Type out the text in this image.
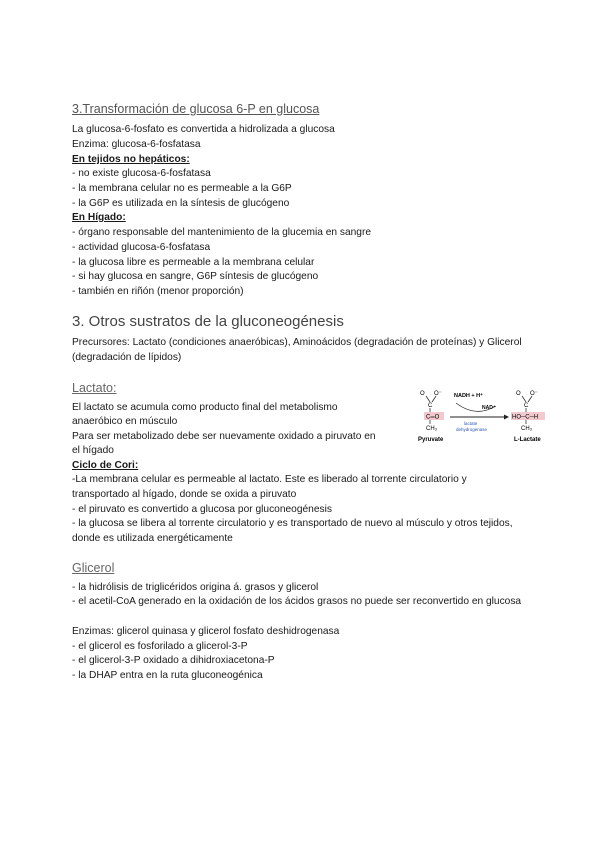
3.Transformación de glucosa 6-P en glucosa

La glucosa-6-fosfato es convertida a hidrolizada a glucosa

Enzima: glucosa-6-fosfatasa

En tejidos no hepáticos:

- no existe glucosa-6-fosfatasa

- la membrana celular no es permeable a la G6P

- la G6P es utilizada en la síntesis de glucógeno

En Hígado:

- órgano responsable del mantenimiento de la glucemia en sangre

- actividad glucosa-6-fosfatasa

- la glucosa libre es permeable a la membrana celular

- si hay glucosa en sangre, G6P síntesis de glucógeno

- también en riñón (menor proporción)

3. Otros sustratos de la gluconeogénesis

Precursores: Lactato (condiciones anaeróbicas), Aminoácidos (degradación de proteínas) y Glicerol (degradación de lípidos)

Lactato:

El lactato se acumula como producto final del metabolismo

anaeróbico en músculo

Para ser metabolizado debe ser nuevamente oxidado a piruvato en

el hígado

Ciclo de Cori:

-La membrana celular es permeable al lactato. Este es liberado al torrente circulatorio y transportado al hígado, donde se oxida a piruvato

- el piruvato es convertido a glucosa por gluconeogénesis

- la glucosa se libera al torrente circulatorio y es transportado de nuevo al músculo y otros tejidos, donde es utilizada energéticamente

O O⁻
C
C═O
CH₃
Pyruvate
NADH + H⁺
NAD⁺
lactate
dehydrogenase
O O⁻
C
HO─C─H
CH₃
L-Lactate

Glicerol

- la hidrólisis de triglicéridos origina á. grasos y glicerol

- el acetil-CoA generado en la oxidación de los ácidos grasos no puede ser reconvertido en glucosa

Enzimas: glicerol quinasa y glicerol fosfato deshidrogenasa

- el glicerol es fosforilado a glicerol-3-P

- el glicerol-3-P oxidado a dihidroxiacetona-P

- la DHAP entra en la ruta gluconeogénica
